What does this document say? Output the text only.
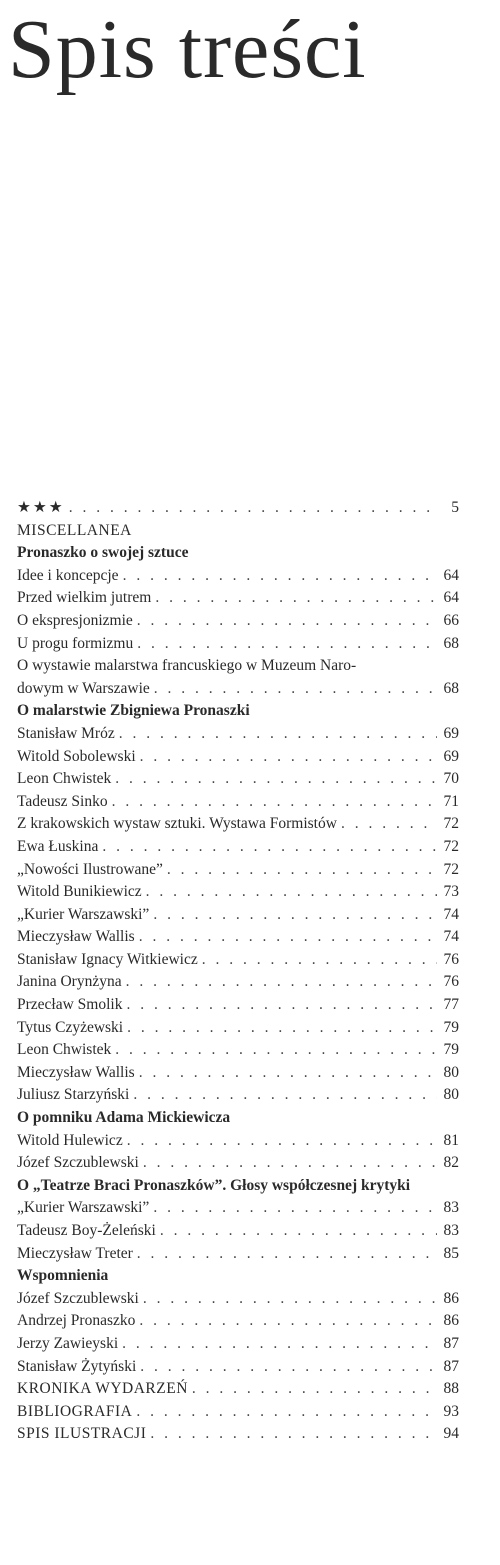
Spis treści
★★★ . . .	5
MISCELLANEA
Pronaszko o swojej sztuce
Idee i koncepcje . . .	64
Przed wielkim jutrem . . .	64
O ekspresjonizmie . . .	66
U progu formizmu . . .	68
O wystawie malarstwa francuskiego w Muzeum Naro-
dowym w Warszawie . . .	68
O malarstwie Zbigniewa Pronaszki
Stanisław Mróz . . .	69
Witold Sobolewski . . .	69
Leon Chwistek . . .	70
Tadeusz Sinko . . .	71
Z krakowskich wystaw sztuki. Wystawa Formistów . . .	72
Ewa Łuskina . . .	72
„Nowości Ilustrowane” . . .	72
Witold Bunikiewicz . . .	73
„Kurier Warszawski” . . .	74
Mieczysław Wallis . . .	74
Stanisław Ignacy Witkiewicz . . .	76
Janina Orynżyna . . .	76
Przecław Smolik . . .	77
Tytus Czyżewski . . .	79
Leon Chwistek . . .	79
Mieczysław Wallis . . .	80
Juliusz Starzyński . . .	80
O pomniku Adama Mickiewicza
Witold Hulewicz . . .	81
Józef Szczublewski . . .	82
O „Teatrze Braci Pronaszków”. Głosy współczesnej krytyki
„Kurier Warszawski” . . .	83
Tadeusz Boy-Żeleński . . .	83
Mieczysław Treter . . .	85
Wspomnienia
Józef Szczublewski . . .	86
Andrzej Pronaszko . . .	86
Jerzy Zawieyski . . .	87
Stanisław Żytyński . . .	87
KRONIKA WYDARZEŃ . . .	88
BIBLIOGRAFIA . . .	93
SPIS ILUSTRACJI . . .	94
